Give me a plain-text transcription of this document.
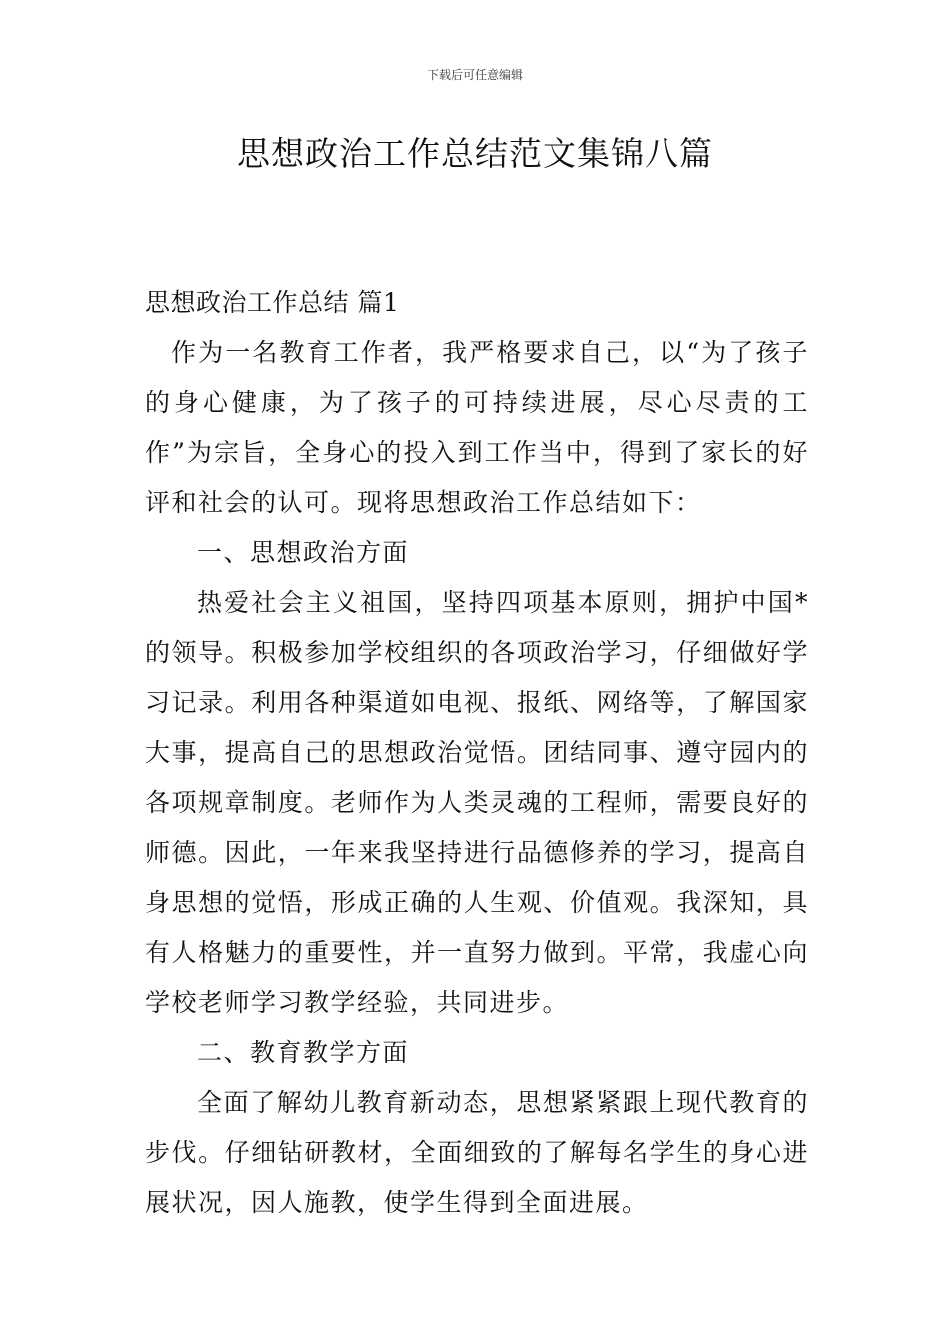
下载后可任意编辑
思想政治工作总结范文集锦八篇

思想政治工作总结 篇1

作为一名教育工作者，我严格要求自己，以“为了孩子的身心健康，为了孩子的可持续进展，尽心尽责的工作”为宗旨，全身心的投入到工作当中，得到了家长的好评和社会的认可。现将思想政治工作总结如下：

一、思想政治方面

热爱社会主义祖国，坚持四项基本原则，拥护中国*的领导。积极参加学校组织的各项政治学习，仔细做好学习记录。利用各种渠道如电视、报纸、网络等，了解国家大事，提高自己的思想政治觉悟。团结同事、遵守园内的各项规章制度。老师作为人类灵魂的工程师，需要良好的师德。因此，一年来我坚持进行品德修养的学习，提高自身思想的觉悟，形成正确的人生观、价值观。我深知，具有人格魅力的重要性，并一直努力做到。平常，我虚心向学校老师学习教学经验，共同进步。

二、教育教学方面

全面了解幼儿教育新动态，思想紧紧跟上现代教育的步伐。仔细钻研教材，全面细致的了解每名学生的身心进展状况，因人施教，使学生得到全面进展。
